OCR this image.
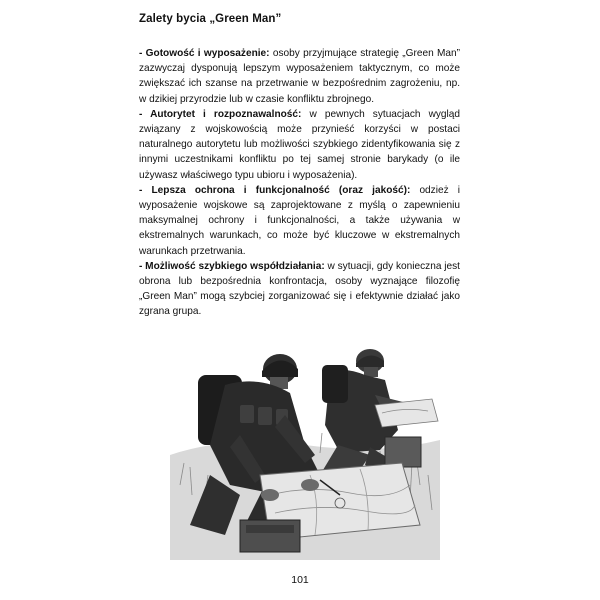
Zalety bycia „Green Man”

- Gotowość i wyposażenie: osoby przyjmujące strategię „Green Man” zazwyczaj dysponują lepszym wyposażeniem taktycznym, co może zwiększać ich szanse na przetrwanie w bezpośrednim zagrożeniu, np. w dzikiej przyrodzie lub w czasie konfliktu zbrojnego.

- Autorytet i rozpoznawalność: w pewnych sytuacjach wygląd związany z wojskowością może przynieść korzyści w postaci naturalnego autorytetu lub możliwości szybkiego zidentyfikowania się z innymi uczestnikami konfliktu po tej samej stronie barykady (o ile używasz właściwego typu ubioru i wyposażenia).

- Lepsza ochrona i funkcjonalność (oraz jakość): odzież i wyposażenie wojskowe są zaprojektowane z myślą o zapewnieniu maksymalnej ochrony i funkcjonalności, a także używania w ekstremalnych warunkach, co może być kluczowe w ekstremalnych warunkach przetrwania.

- Możliwość szybkiego współdziałania: w sytuacji, gdy konieczna jest obrona lub bezpośrednia konfrontacja, osoby wyznające filozofię „Green Man” mogą szybciej zorganizować się i efektywnie działać jako zgrana grupa.

101
